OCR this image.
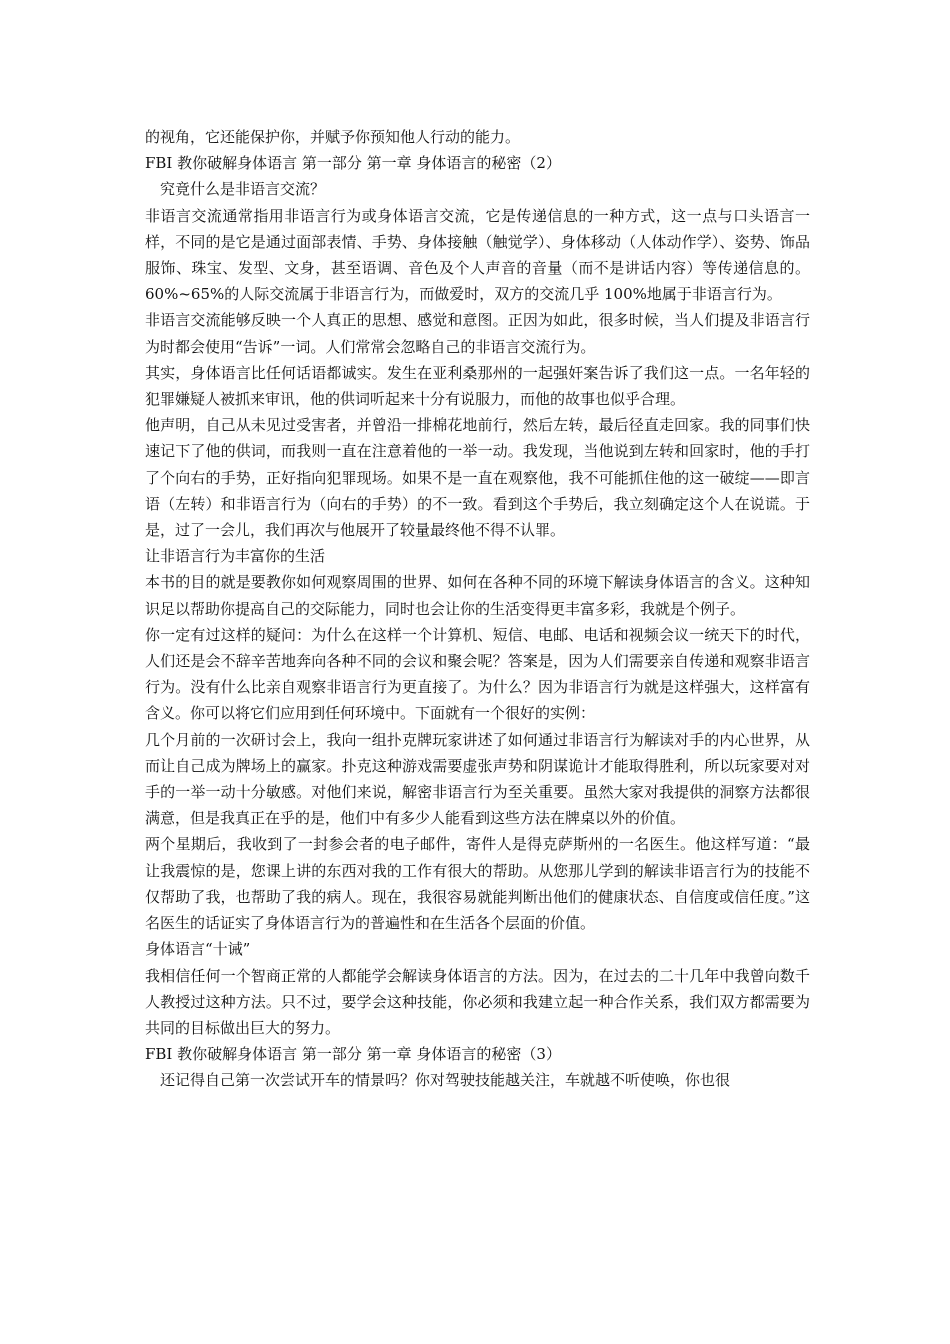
的视角，它还能保护你，并赋予你预知他人行动的能力。

FBI 教你破解身体语言 第一部分 第一章 身体语言的秘密（2）

究竟什么是非语言交流？

非语言交流通常指用非语言行为或身体语言交流，它是传递信息的一种方式，这一点与口头语言一样，不同的是它是通过面部表情、手势、身体接触（触觉学）、身体移动（人体动作学）、姿势、饰品服饰、珠宝、发型、文身，甚至语调、音色及个人声音的音量（而不是讲话内容）等传递信息的。60%~65%的人际交流属于非语言行为，而做爱时，双方的交流几乎 100%地属于非语言行为。

非语言交流能够反映一个人真正的思想、感觉和意图。正因为如此，很多时候，当人们提及非语言行为时都会使用“告诉”一词。人们常常会忽略自己的非语言交流行为。

其实，身体语言比任何话语都诚实。发生在亚利桑那州的一起强奸案告诉了我们这一点。一名年轻的犯罪嫌疑人被抓来审讯，他的供词听起来十分有说服力，而他的故事也似乎合理。

他声明，自己从未见过受害者，并曾沿一排棉花地前行，然后左转，最后径直走回家。我的同事们快速记下了他的供词，而我则一直在注意着他的一举一动。我发现，当他说到左转和回家时，他的手打了个向右的手势，正好指向犯罪现场。如果不是一直在观察他，我不可能抓住他的这一破绽——即言语（左转）和非语言行为（向右的手势）的不一致。看到这个手势后，我立刻确定这个人在说谎。于是，过了一会儿，我们再次与他展开了较量最终他不得不认罪。

让非语言行为丰富你的生活

本书的目的就是要教你如何观察周围的世界、如何在各种不同的环境下解读身体语言的含义。这种知识足以帮助你提高自己的交际能力，同时也会让你的生活变得更丰富多彩，我就是个例子。

你一定有过这样的疑问：为什么在这样一个计算机、短信、电邮、电话和视频会议一统天下的时代，人们还是会不辞辛苦地奔向各种不同的会议和聚会呢？答案是，因为人们需要亲自传递和观察非语言行为。没有什么比亲自观察非语言行为更直接了。为什么？因为非语言行为就是这样强大，这样富有含义。你可以将它们应用到任何环境中。下面就有一个很好的实例：

几个月前的一次研讨会上，我向一组扑克牌玩家讲述了如何通过非语言行为解读对手的内心世界，从而让自己成为牌场上的赢家。扑克这种游戏需要虚张声势和阴谋诡计才能取得胜利，所以玩家要对对手的一举一动十分敏感。对他们来说，解密非语言行为至关重要。虽然大家对我提供的洞察方法都很满意，但是我真正在乎的是，他们中有多少人能看到这些方法在牌桌以外的价值。

两个星期后，我收到了一封参会者的电子邮件，寄件人是得克萨斯州的一名医生。他这样写道：“最让我震惊的是，您课上讲的东西对我的工作有很大的帮助。从您那儿学到的解读非语言行为的技能不仅帮助了我，也帮助了我的病人。现在，我很容易就能判断出他们的健康状态、自信度或信任度。”这名医生的话证实了身体语言行为的普遍性和在生活各个层面的价值。

身体语言“十诫”

我相信任何一个智商正常的人都能学会解读身体语言的方法。因为，在过去的二十几年中我曾向数千人教授过这种方法。只不过，要学会这种技能，你必须和我建立起一种合作关系，我们双方都需要为共同的目标做出巨大的努力。

FBI 教你破解身体语言 第一部分 第一章 身体语言的秘密（3）

还记得自己第一次尝试开车的情景吗？你对驾驶技能越关注，车就越不听使唤，你也很
